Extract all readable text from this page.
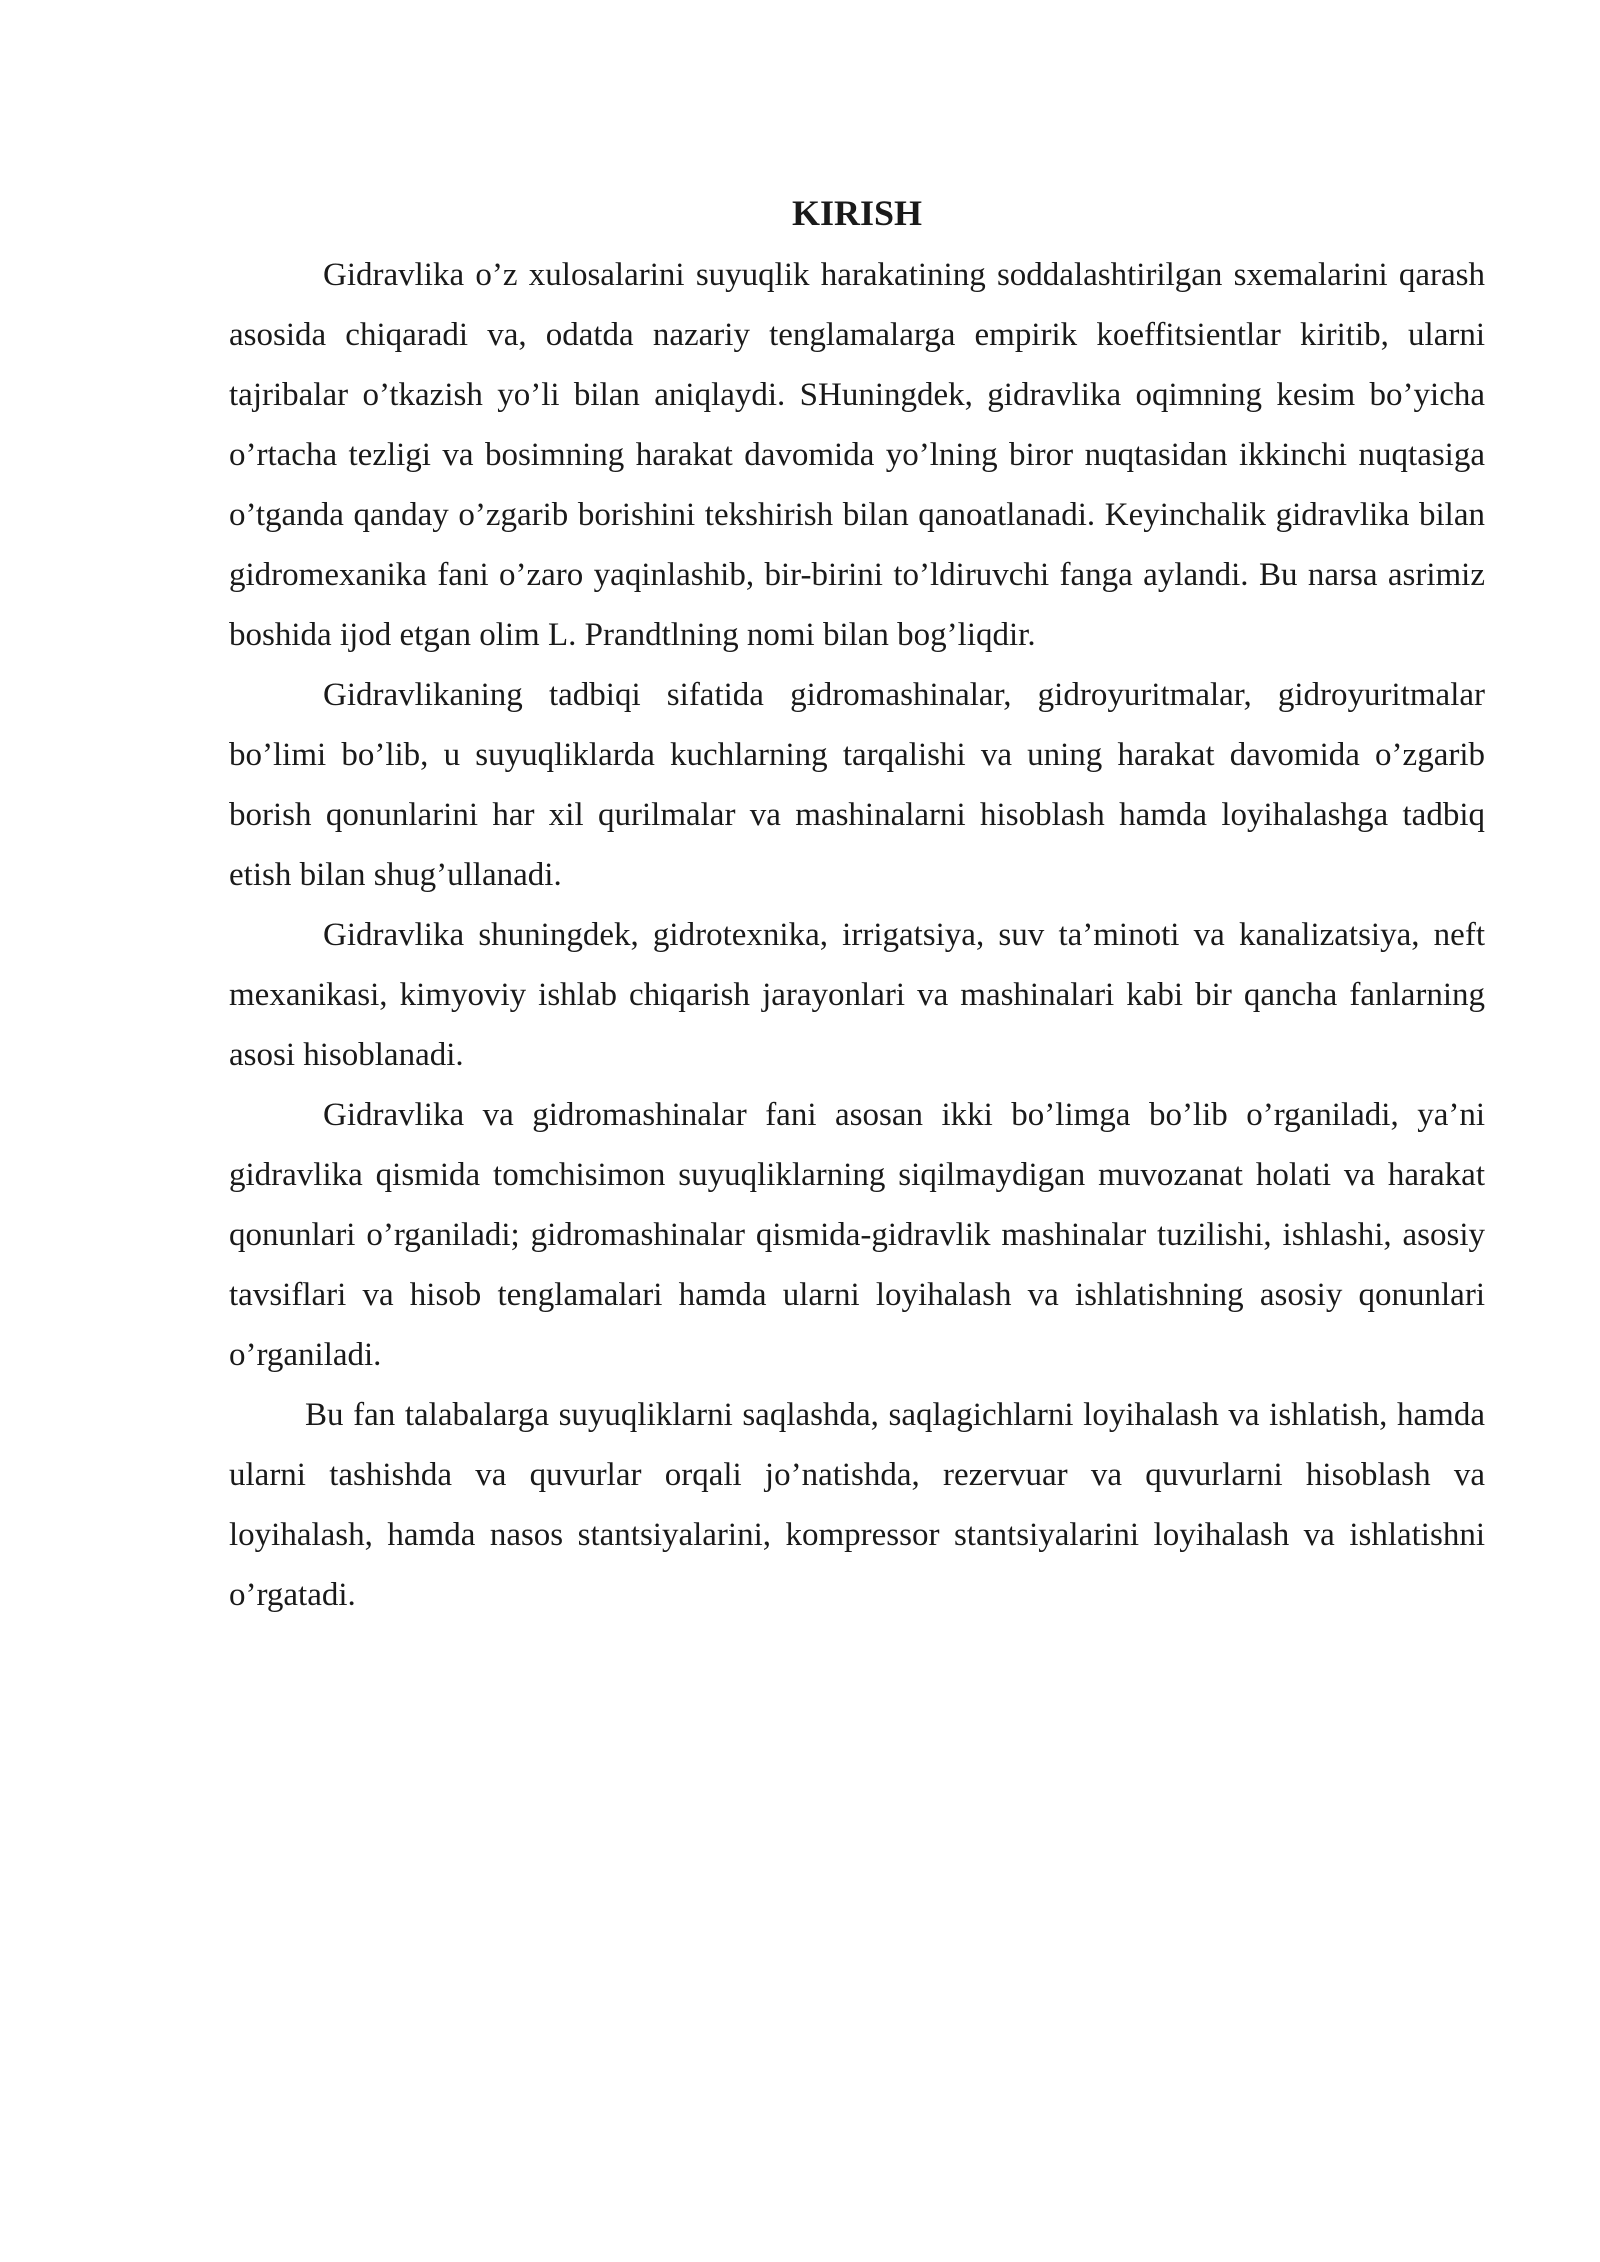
KIRISH

Gidravlika o’z xulosalarini suyuqlik harakatining soddalashtirilgan sxemalarini qarash asosida chiqaradi va, odatda nazariy tenglamalarga empirik koeffitsientlar kiritib, ularni tajribalar o’tkazish yo’li bilan aniqlaydi. SHuningdek, gidravlika oqimning kesim bo’yicha o’rtacha tezligi va bosimning harakat davomida yo’lning biror nuqtasidan ikkinchi nuqtasiga o’tganda qanday o’zgarib borishini tekshirish bilan qanoatlanadi. Keyinchalik gidravlika bilan gidromexanika fani o’zaro yaqinlashib, bir-birini to’ldiruvchi fanga aylandi. Bu narsa asrimiz boshida ijod etgan olim L. Prandtlning nomi bilan bog’liqdir.

Gidravlikaning tadbiqi sifatida gidromashinalar, gidroyuritmalar, gidroyuritmalar bo’limi bo’lib, u suyuqliklarda kuchlarning tarqalishi va uning harakat davomida o’zgarib borish qonunlarini har xil qurilmalar va mashinalarni hisoblash hamda loyihalashga tadbiq etish bilan shug’ullanadi.

Gidravlika shuningdek, gidrotexnika, irrigatsiya, suv ta’minoti va kanalizatsiya, neft mexanikasi, kimyoviy ishlab chiqarish jarayonlari va mashinalari kabi bir qancha fanlarning asosi hisoblanadi.

Gidravlika va gidromashinalar fani asosan ikki bo’limga bo’lib o’rganiladi, ya’ni gidravlika qismida tomchisimon suyuqliklarning siqilmaydigan muvozanat holati va harakat qonunlari o’rganiladi; gidromashinalar qismida-gidravlik mashinalar tuzilishi, ishlashi, asosiy tavsiflari va hisob tenglamalari hamda ularni loyihalash va ishlatishning asosiy qonunlari o’rganiladi.

Bu fan talabalarga suyuqliklarni saqlashda, saqlagichlarni loyihalash va ishlatish, hamda ularni tashishda va quvurlar orqali jo’natishda, rezervuar va quvurlarni hisoblash va loyihalash, hamda nasos stantsiyalarini, kompressor stantsiyalarini loyihalash va ishlatishni o’rgatadi.
